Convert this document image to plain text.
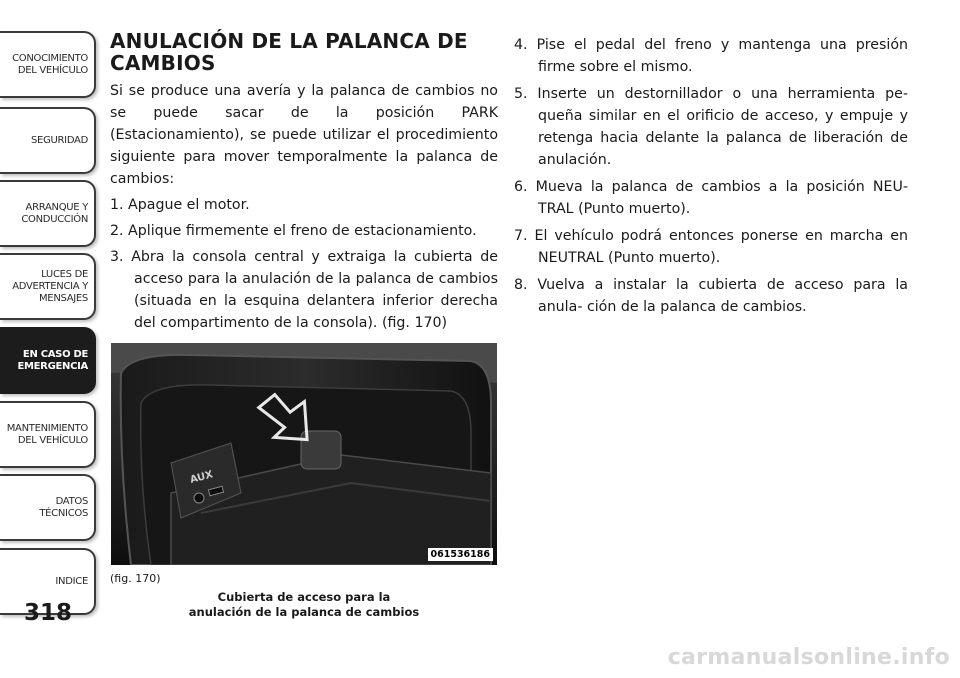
CONOCIMIENTO
DEL VEHÍCULO
SEGURIDAD
ARRANQUE Y
CONDUCCIÓN
LUCES DE
ADVERTENCIA Y
MENSAJES
EN CASO DE
EMERGENCIA
MANTENIMIENTO
DEL VEHÍCULO
DATOS
TÉCNICOS
INDICE
318
ANULACIÓN DE LA PALANCA DE CAMBIOS

Si se produce una avería y la palanca de cambios no se puede sacar de la posición PARK (Estacionamiento), se puede utilizar el procedimiento siguiente para mover temporalmente la palanca de cambios:

1. Apague el motor.
2. Aplique firmemente el freno de estacionamiento.
3. Abra la consola central y extraiga la cubierta de acceso para la anulación de la palanca de cambios (situada en la esquina delantera inferior derecha del compartimento de la consola). (fig. 170)
AUX
061536186
(fig. 170)
Cubierta de acceso para la
anulación de la palanca de cambios
4. Pise el pedal del freno y mantenga una presión firme sobre el mismo.
5. Inserte un destornillador o una herramienta pe- queña similar en el orificio de acceso, y empuje y retenga hacia delante la palanca de liberación de anulación.
6. Mueva la palanca de cambios a la posición NEU- TRAL (Punto muerto).
7. El vehículo podrá entonces ponerse en marcha en NEUTRAL (Punto muerto).
8. Vuelva a instalar la cubierta de acceso para la anula- ción de la palanca de cambios.
carmanualsonline.info
